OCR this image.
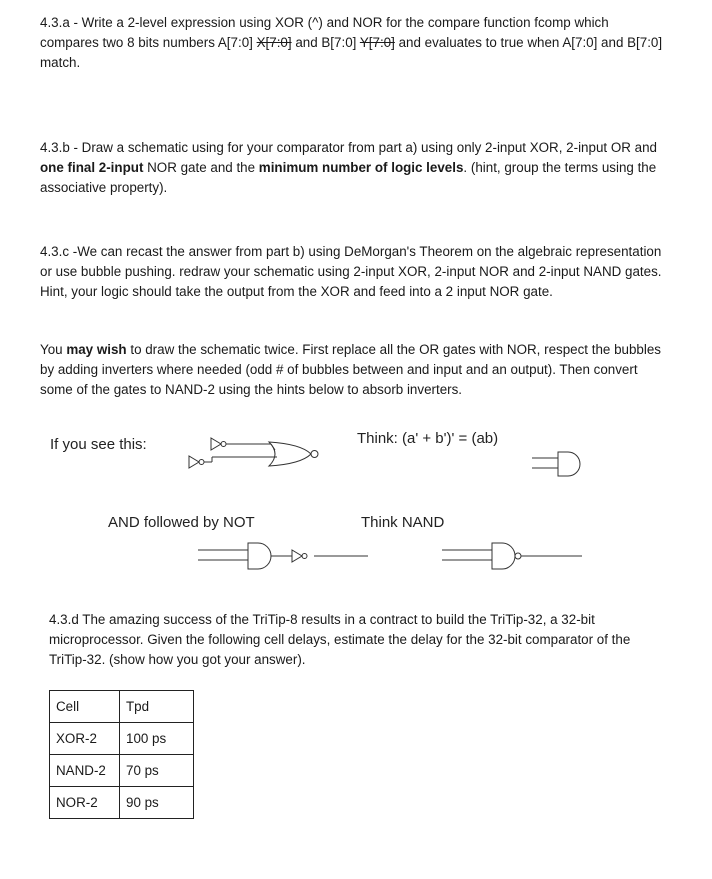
4.3.a - Write a 2-level expression using XOR (^) and NOR for the compare function fcomp which compares two 8 bits numbers A[7:0] X[7:0] and B[7:0] Y[7:0] and evaluates to true when A[7:0] and B[7:0] match.

4.3.b - Draw a schematic using for your comparator from part a) using only 2-input XOR, 2-input OR and one final 2-input NOR gate and the minimum number of logic levels. (hint, group the terms using the associative property).

4.3.c -We can recast the answer from part b) using DeMorgan's Theorem on the algebraic representation or use bubble pushing. redraw your schematic using 2-input XOR, 2-input NOR and 2-input NAND gates. Hint, your logic should take the output from the XOR and feed into a 2 input NOR gate.

You may wish to draw the schematic twice. First replace all the OR gates with NOR, respect the bubbles by adding inverters where needed (odd # of bubbles between and input and an output). Then convert some of the gates to NAND-2 using the hints below to absorb inverters.

If you see this:	Think: (a' + b')' = (ab)
AND followed by NOT	Think NAND

4.3.d The amazing success of the TriTip-8 results in a contract to build the TriTip-32, a 32-bit microprocessor. Given the following cell delays, estimate the delay for the 32-bit comparator of the TriTip-32. (show how you got your answer).

Cell	Tpd
XOR-2	100 ps
NAND-2	70 ps
NOR-2	90 ps
